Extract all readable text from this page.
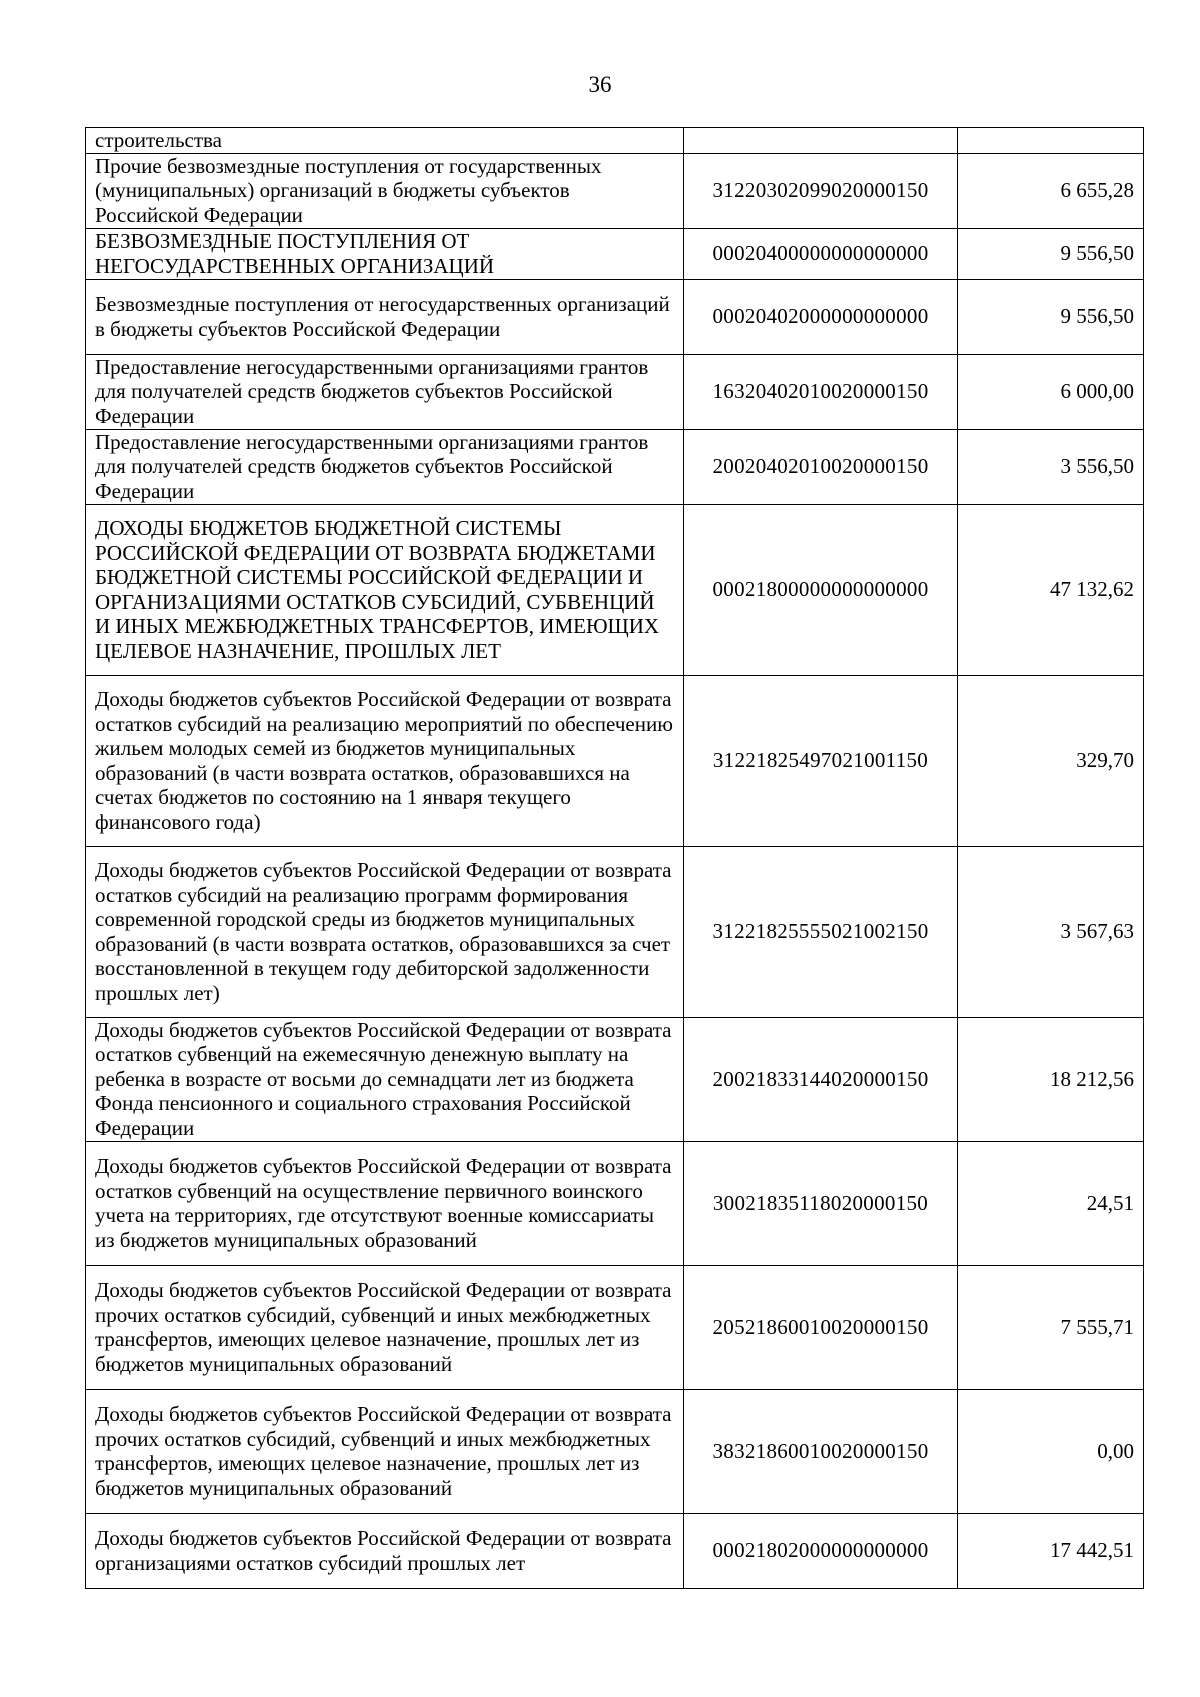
36
строительства		
Прочие безвозмездные поступления от государственных (муниципальных) организаций в бюджеты субъектов Российской Федерации	31220302099020000150	6 655,28
БЕЗВОЗМЕЗДНЫЕ ПОСТУПЛЕНИЯ ОТ НЕГОСУДАРСТВЕННЫХ ОРГАНИЗАЦИЙ	00020400000000000000	9 556,50
Безвозмездные поступления от негосударственных организаций в бюджеты субъектов Российской Федерации	00020402000000000000	9 556,50
Предоставление негосударственными организациями грантов для получателей средств бюджетов субъектов Российской Федерации	16320402010020000150	6 000,00
Предоставление негосударственными организациями грантов для получателей средств бюджетов субъектов Российской Федерации	20020402010020000150	3 556,50
ДОХОДЫ БЮДЖЕТОВ БЮДЖЕТНОЙ СИСТЕМЫ РОССИЙСКОЙ ФЕДЕРАЦИИ ОТ ВОЗВРАТА БЮДЖЕТАМИ БЮДЖЕТНОЙ СИСТЕМЫ РОССИЙСКОЙ ФЕДЕРАЦИИ И ОРГАНИЗАЦИЯМИ ОСТАТКОВ СУБСИДИЙ, СУБВЕНЦИЙ И ИНЫХ МЕЖБЮДЖЕТНЫХ ТРАНСФЕРТОВ, ИМЕЮЩИХ ЦЕЛЕВОЕ НАЗНАЧЕНИЕ, ПРОШЛЫХ ЛЕТ	00021800000000000000	47 132,62
Доходы бюджетов субъектов Российской Федерации от возврата остатков субсидий на реализацию мероприятий по обеспечению жильем молодых семей из бюджетов муниципальных образований (в части возврата остатков, образовавшихся на счетах бюджетов по состоянию на 1 января текущего финансового года)	31221825497021001150	329,70
Доходы бюджетов субъектов Российской Федерации от возврата остатков субсидий на реализацию программ формирования современной городской среды из бюджетов муниципальных образований (в части возврата остатков, образовавшихся за счет восстановленной в текущем году дебиторской задолженности прошлых лет)	31221825555021002150	3 567,63
Доходы бюджетов субъектов Российской Федерации от возврата остатков субвенций на ежемесячную денежную выплату на ребенка в возрасте от восьми до семнадцати лет из бюджета Фонда пенсионного и социального страхования Российской Федерации	20021833144020000150	18 212,56
Доходы бюджетов субъектов Российской Федерации от возврата остатков субвенций на осуществление первичного воинского учета на территориях, где отсутствуют военные комиссариаты из бюджетов муниципальных образований	30021835118020000150	24,51
Доходы бюджетов субъектов Российской Федерации от возврата прочих остатков субсидий, субвенций и иных межбюджетных трансфертов, имеющих целевое назначение, прошлых лет из бюджетов муниципальных образований	20521860010020000150	7 555,71
Доходы бюджетов субъектов Российской Федерации от возврата прочих остатков субсидий, субвенций и иных межбюджетных трансфертов, имеющих целевое назначение, прошлых лет из бюджетов муниципальных образований	38321860010020000150	0,00
Доходы бюджетов субъектов Российской Федерации от возврата организациями остатков субсидий прошлых лет	00021802000000000000	17 442,51
